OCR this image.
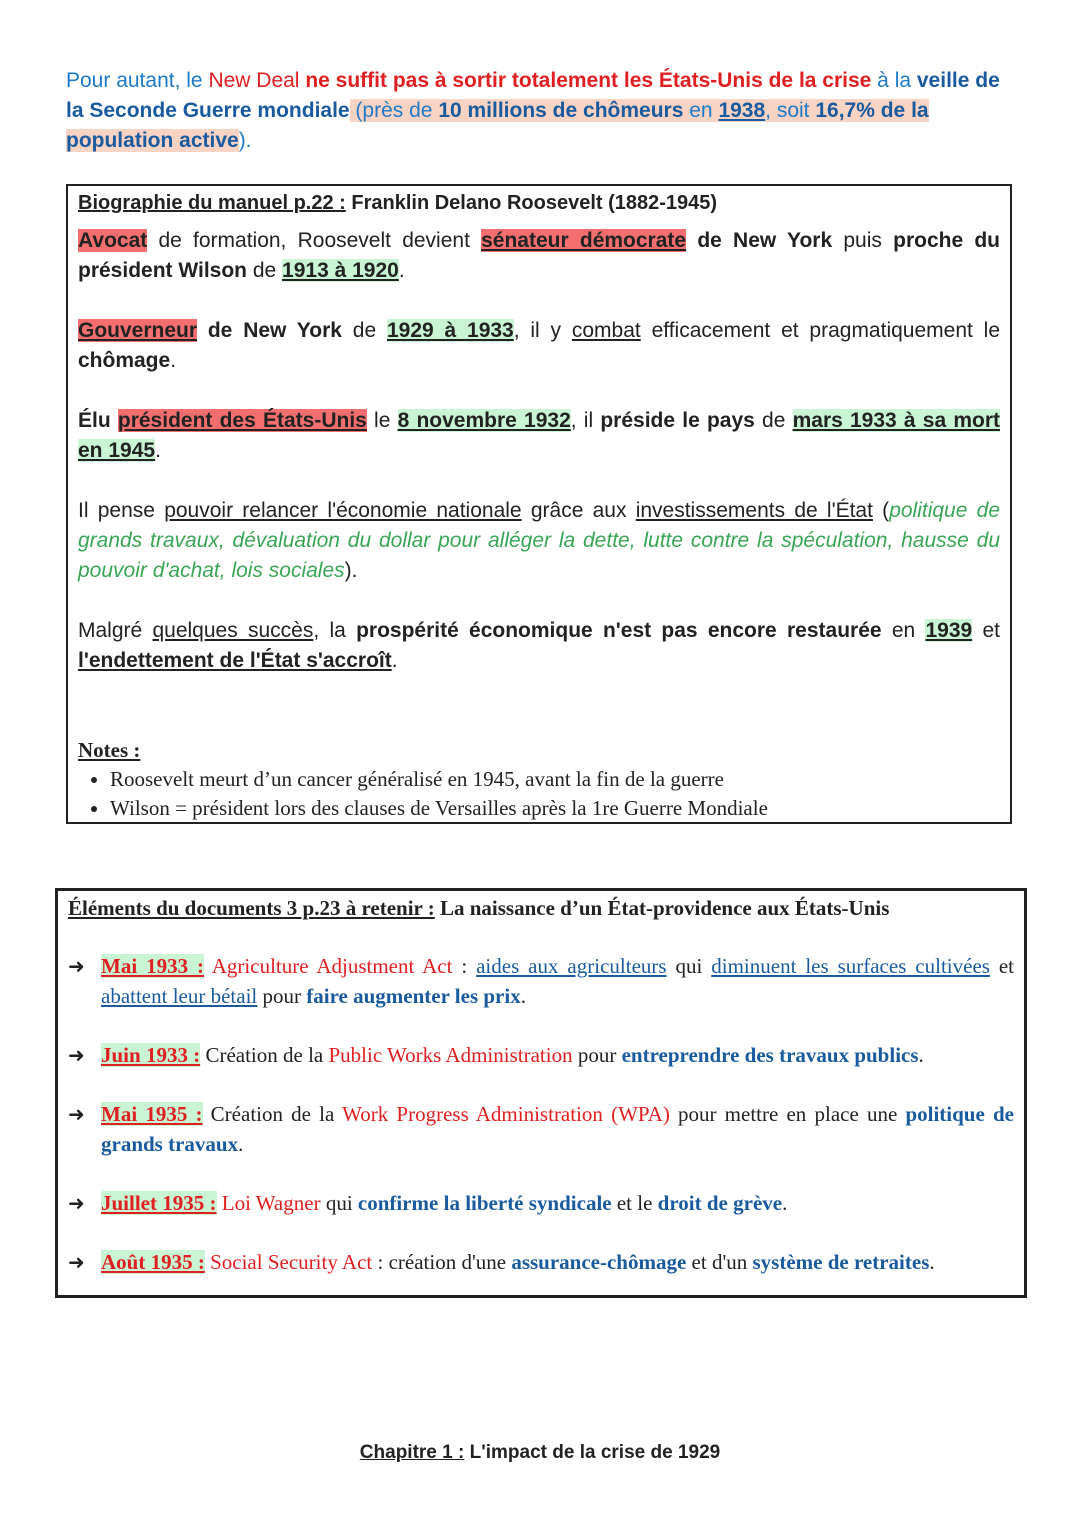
Pour autant, le New Deal ne suffit pas à sortir totalement les États-Unis de la crise à la veille de la Seconde Guerre mondiale (près de 10 millions de chômeurs en 1938, soit 16,7% de la population active).
Biographie du manuel p.22 : Franklin Delano Roosevelt (1882-1945)

Avocat de formation, Roosevelt devient sénateur démocrate de New York puis proche du président Wilson de 1913 à 1920.

Gouverneur de New York de 1929 à 1933, il y combat efficacement et pragmatiquement le chômage.

Élu président des États-Unis le 8 novembre 1932, il préside le pays de mars 1933 à sa mort en 1945.

Il pense pouvoir relancer l'économie nationale grâce aux investissements de l'État (politique de grands travaux, dévaluation du dollar pour alléger la dette, lutte contre la spéculation, hausse du pouvoir d'achat, lois sociales).

Malgré quelques succès, la prospérité économique n'est pas encore restaurée en 1939 et l'endettement de l'État s'accroît.

Notes :
• Roosevelt meurt d’un cancer généralisé en 1945, avant la fin de la guerre
• Wilson = président lors des clauses de Versailles après la 1re Guerre Mondiale
Éléments du documents 3 p.23 à retenir : La naissance d’un État-providence aux États-Unis
➜ Mai 1933 : Agriculture Adjustment Act : aides aux agriculteurs qui diminuent les surfaces cultivées et abattent leur bétail pour faire augmenter les prix.
➜ Juin 1933 : Création de la Public Works Administration pour entreprendre des travaux publics.
➜ Mai 1935 : Création de la Work Progress Administration (WPA) pour mettre en place une politique de grands travaux.
➜ Juillet 1935 : Loi Wagner qui confirme la liberté syndicale et le droit de grève.
➜ Août 1935 : Social Security Act : création d'une assurance-chômage et d'un système de retraites.
Chapitre 1 : L'impact de la crise de 1929
